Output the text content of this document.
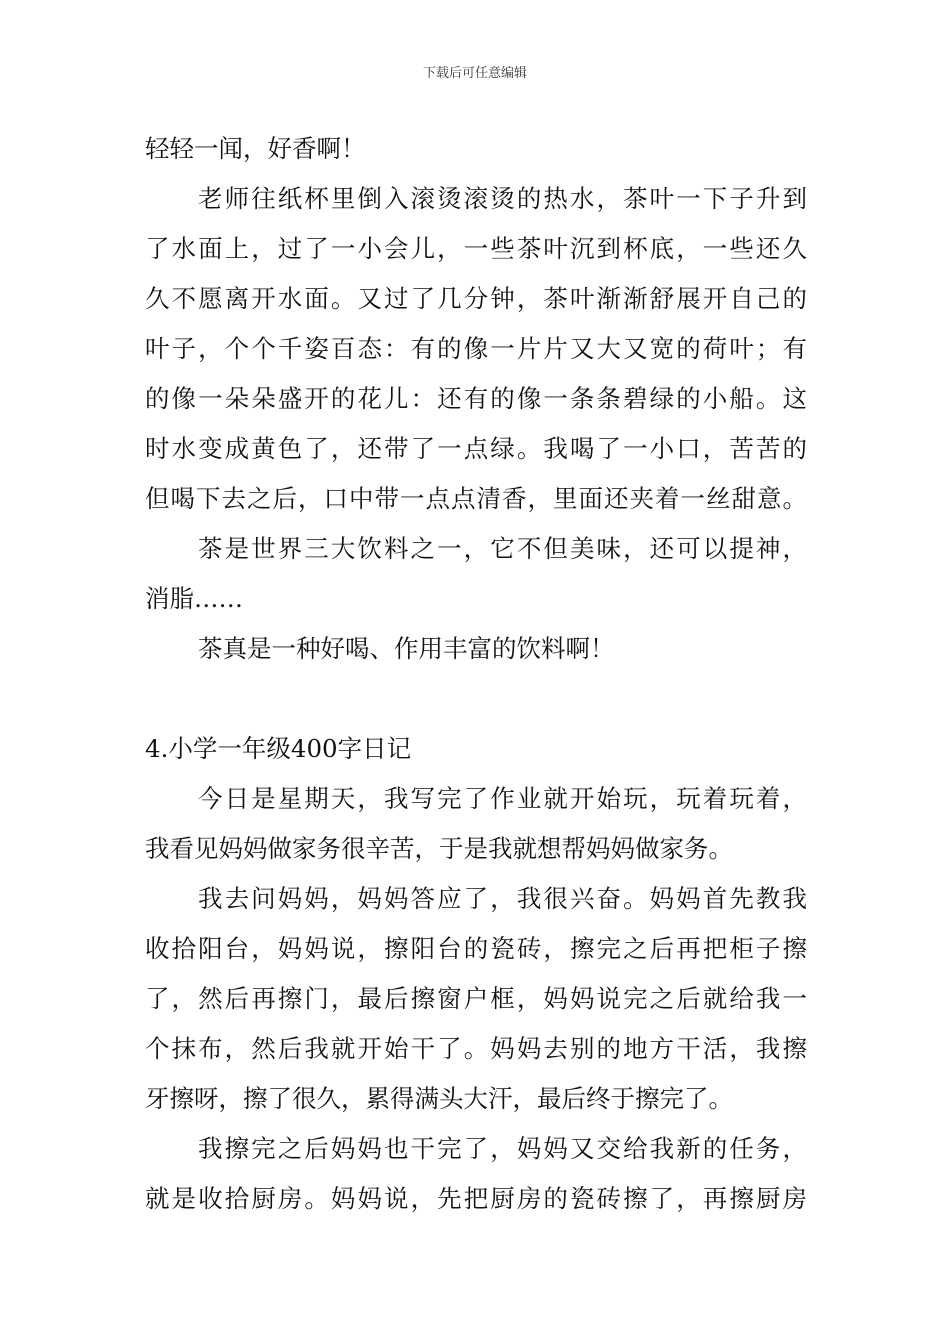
下载后可任意编辑
轻轻一闻，好香啊！
老师往纸杯里倒入滚烫滚烫的热水，茶叶一下子升到
了水面上，过了一小会儿，一些茶叶沉到杯底，一些还久
久不愿离开水面。又过了几分钟，茶叶渐渐舒展开自己的
叶子，个个千姿百态：有的像一片片又大又宽的荷叶；有
的像一朵朵盛开的花儿：还有的像一条条碧绿的小船。这
时水变成黄色了，还带了一点绿。我喝了一小口，苦苦的
但喝下去之后，口中带一点点清香，里面还夹着一丝甜意。
茶是世界三大饮料之一，它不但美味，还可以提神，
消脂……
茶真是一种好喝、作用丰富的饮料啊！
4.小学一年级400字日记
今日是星期天，我写完了作业就开始玩，玩着玩着，
我看见妈妈做家务很辛苦，于是我就想帮妈妈做家务。
我去问妈妈，妈妈答应了，我很兴奋。妈妈首先教我
收拾阳台，妈妈说，擦阳台的瓷砖，擦完之后再把柜子擦
了，然后再擦门，最后擦窗户框，妈妈说完之后就给我一
个抹布，然后我就开始干了。妈妈去别的地方干活，我擦
牙擦呀，擦了很久，累得满头大汗，最后终于擦完了。
我擦完之后妈妈也干完了，妈妈又交给我新的任务，
就是收拾厨房。妈妈说，先把厨房的瓷砖擦了，再擦厨房
